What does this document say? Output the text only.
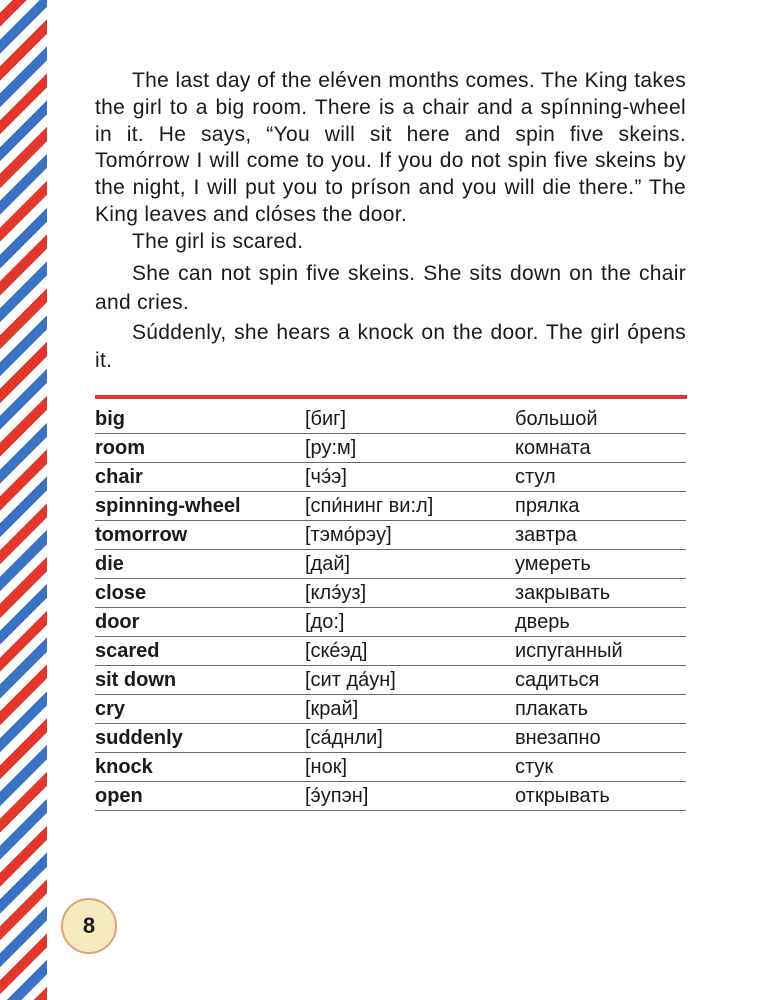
The last day of the eléven months comes. The King takes the girl to a big room. There is a chair and a spínning-wheel in it. He says, “You will sit here and spin five skeins. Tomórrow I will come to you. If you do not spin five skeins by the night, I will put you to príson and you will die there.” The King leaves and clóses the door.

The girl is scared.

She can not spin five skeins. She sits down on the chair and cries.

Súddenly, she hears a knock on the door. The girl ópens it.

big	[биг]	большой
room	[ру:м]	комната
chair	[чэ́э]	стул
spinning-wheel	[спи́нинг ви:л]	прялка
tomorrow	[тэмо́рэу]	завтра
die	[дай]	умереть
close	[клэ́уз]	закрывать
door	[до:]	дверь
scared	[скéэд]	испуганный
sit down	[сит да́ун]	садиться
cry	[край]	плакать
suddenly	[са́днли]	внезапно
knock	[нок]	стук
open	[э́упэн]	открывать
8
